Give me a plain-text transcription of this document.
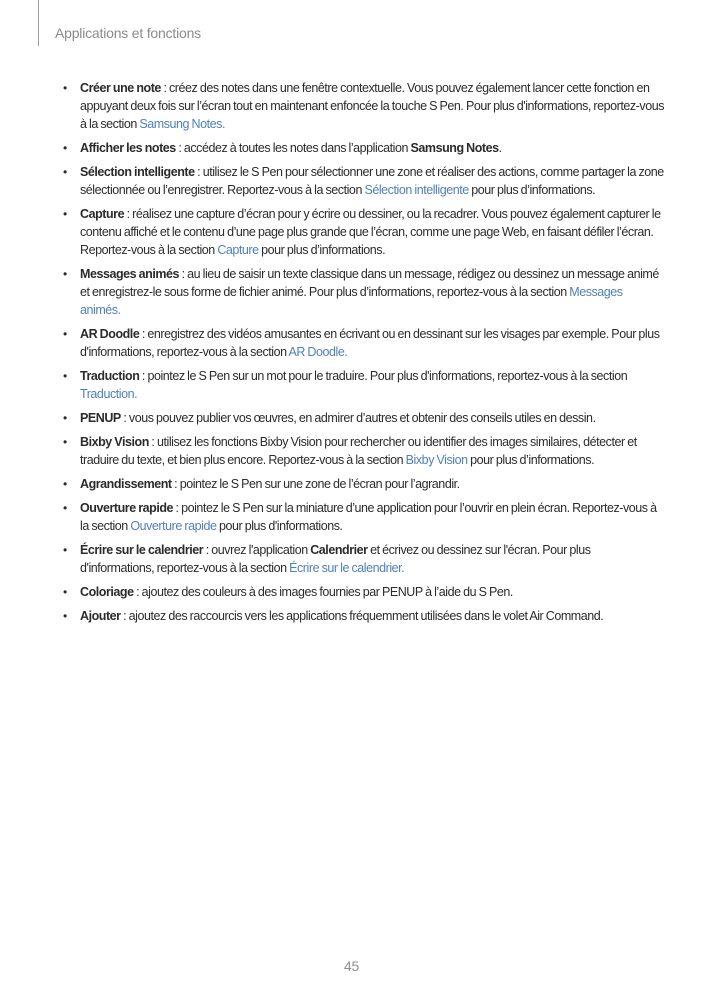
Applications et fonctions
• Créer une note : créez des notes dans une fenêtre contextuelle. Vous pouvez également lancer cette fonction en appuyant deux fois sur l’écran tout en maintenant enfoncée la touche S Pen. Pour plus d'informations, reportez-vous à la section Samsung Notes.
• Afficher les notes : accédez à toutes les notes dans l’application Samsung Notes.
• Sélection intelligente : utilisez le S Pen pour sélectionner une zone et réaliser des actions, comme partager la zone sélectionnée ou l’enregistrer. Reportez-vous à la section Sélection intelligente pour plus d’informations.
• Capture : réalisez une capture d’écran pour y écrire ou dessiner, ou la recadrer. Vous pouvez également capturer le contenu affiché et le contenu d’une page plus grande que l’écran, comme une page Web, en faisant défiler l’écran. Reportez-vous à la section Capture pour plus d’informations.
• Messages animés : au lieu de saisir un texte classique dans un message, rédigez ou dessinez un message animé et enregistrez-le sous forme de fichier animé. Pour plus d’informations, reportez-vous à la section Messages animés.
• AR Doodle : enregistrez des vidéos amusantes en écrivant ou en dessinant sur les visages par exemple. Pour plus d'informations, reportez-vous à la section AR Doodle.
• Traduction : pointez le S Pen sur un mot pour le traduire. Pour plus d'informations, reportez-vous à la section Traduction.
• PENUP : vous pouvez publier vos œuvres, en admirer d’autres et obtenir des conseils utiles en dessin.
• Bixby Vision : utilisez les fonctions Bixby Vision pour rechercher ou identifier des images similaires, détecter et traduire du texte, et bien plus encore. Reportez-vous à la section Bixby Vision pour plus d’informations.
• Agrandissement : pointez le S Pen sur une zone de l’écran pour l’agrandir.
• Ouverture rapide : pointez le S Pen sur la miniature d’une application pour l’ouvrir en plein écran. Reportez-vous à la section Ouverture rapide pour plus d'informations.
• Écrire sur le calendrier : ouvrez l'application Calendrier et écrivez ou dessinez sur l'écran. Pour plus d'informations, reportez-vous à la section Écrire sur le calendrier.
• Coloriage : ajoutez des couleurs à des images fournies par PENUP à l’aide du S Pen.
• Ajouter : ajoutez des raccourcis vers les applications fréquemment utilisées dans le volet Air Command.
45
